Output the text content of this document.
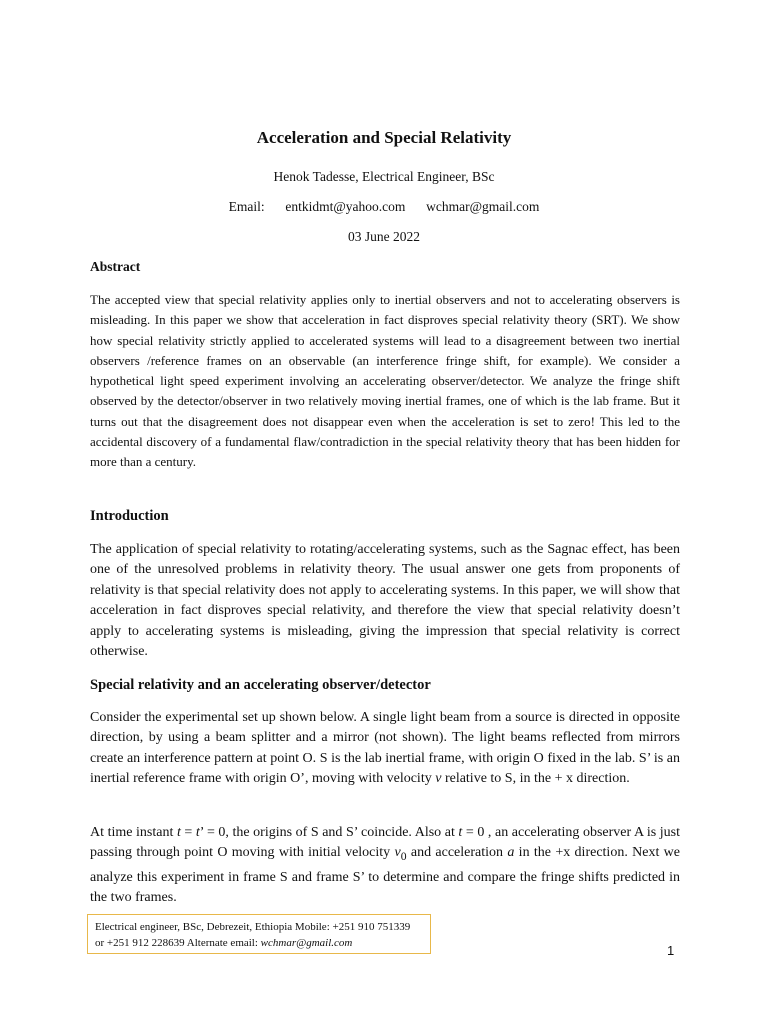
Acceleration and Special Relativity
Henok Tadesse, Electrical Engineer, BSc
Email: entkidmt@yahoo.com wchmar@gmail.com
03 June 2022
Abstract

The accepted view that special relativity applies only to inertial observers and not to accelerating observers is misleading. In this paper we show that acceleration in fact disproves special relativity theory (SRT). We show how special relativity strictly applied to accelerated systems will lead to a disagreement between two inertial observers /reference frames on an observable (an interference fringe shift, for example). We consider a hypothetical light speed experiment involving an accelerating observer/detector. We analyze the fringe shift observed by the detector/observer in two relatively moving inertial frames, one of which is the lab frame. But it turns out that the disagreement does not disappear even when the acceleration is set to zero! This led to the accidental discovery of a fundamental flaw/contradiction in the special relativity theory that has been hidden for more than a century.

Introduction

The application of special relativity to rotating/accelerating systems, such as the Sagnac effect, has been one of the unresolved problems in relativity theory. The usual answer one gets from proponents of relativity is that special relativity does not apply to accelerating systems. In this paper, we will show that acceleration in fact disproves special relativity, and therefore the view that special relativity doesn’t apply to accelerating systems is misleading, giving the impression that special relativity is correct otherwise.

Special relativity and an accelerating observer/detector

Consider the experimental set up shown below. A single light beam from a source is directed in opposite direction, by using a beam splitter and a mirror (not shown). The light beams reflected from mirrors create an interference pattern at point O. S is the lab inertial frame, with origin O fixed in the lab. S’ is an inertial reference frame with origin O’, moving with velocity v relative to S, in the + x direction.

At time instant t = t’ = 0, the origins of S and S’ coincide. Also at t = 0 , an accelerating observer A is just passing through point O moving with initial velocity $v_0$ and acceleration a in the +x direction. Next we analyze this experiment in frame S and frame S’ to determine and compare the fringe shifts predicted in the two frames.

Electrical engineer, BSc, Debrezeit, Ethiopia Mobile: +251 910 751339
or +251 912 228639 Alternate email: wchmar@gmail.com	1
